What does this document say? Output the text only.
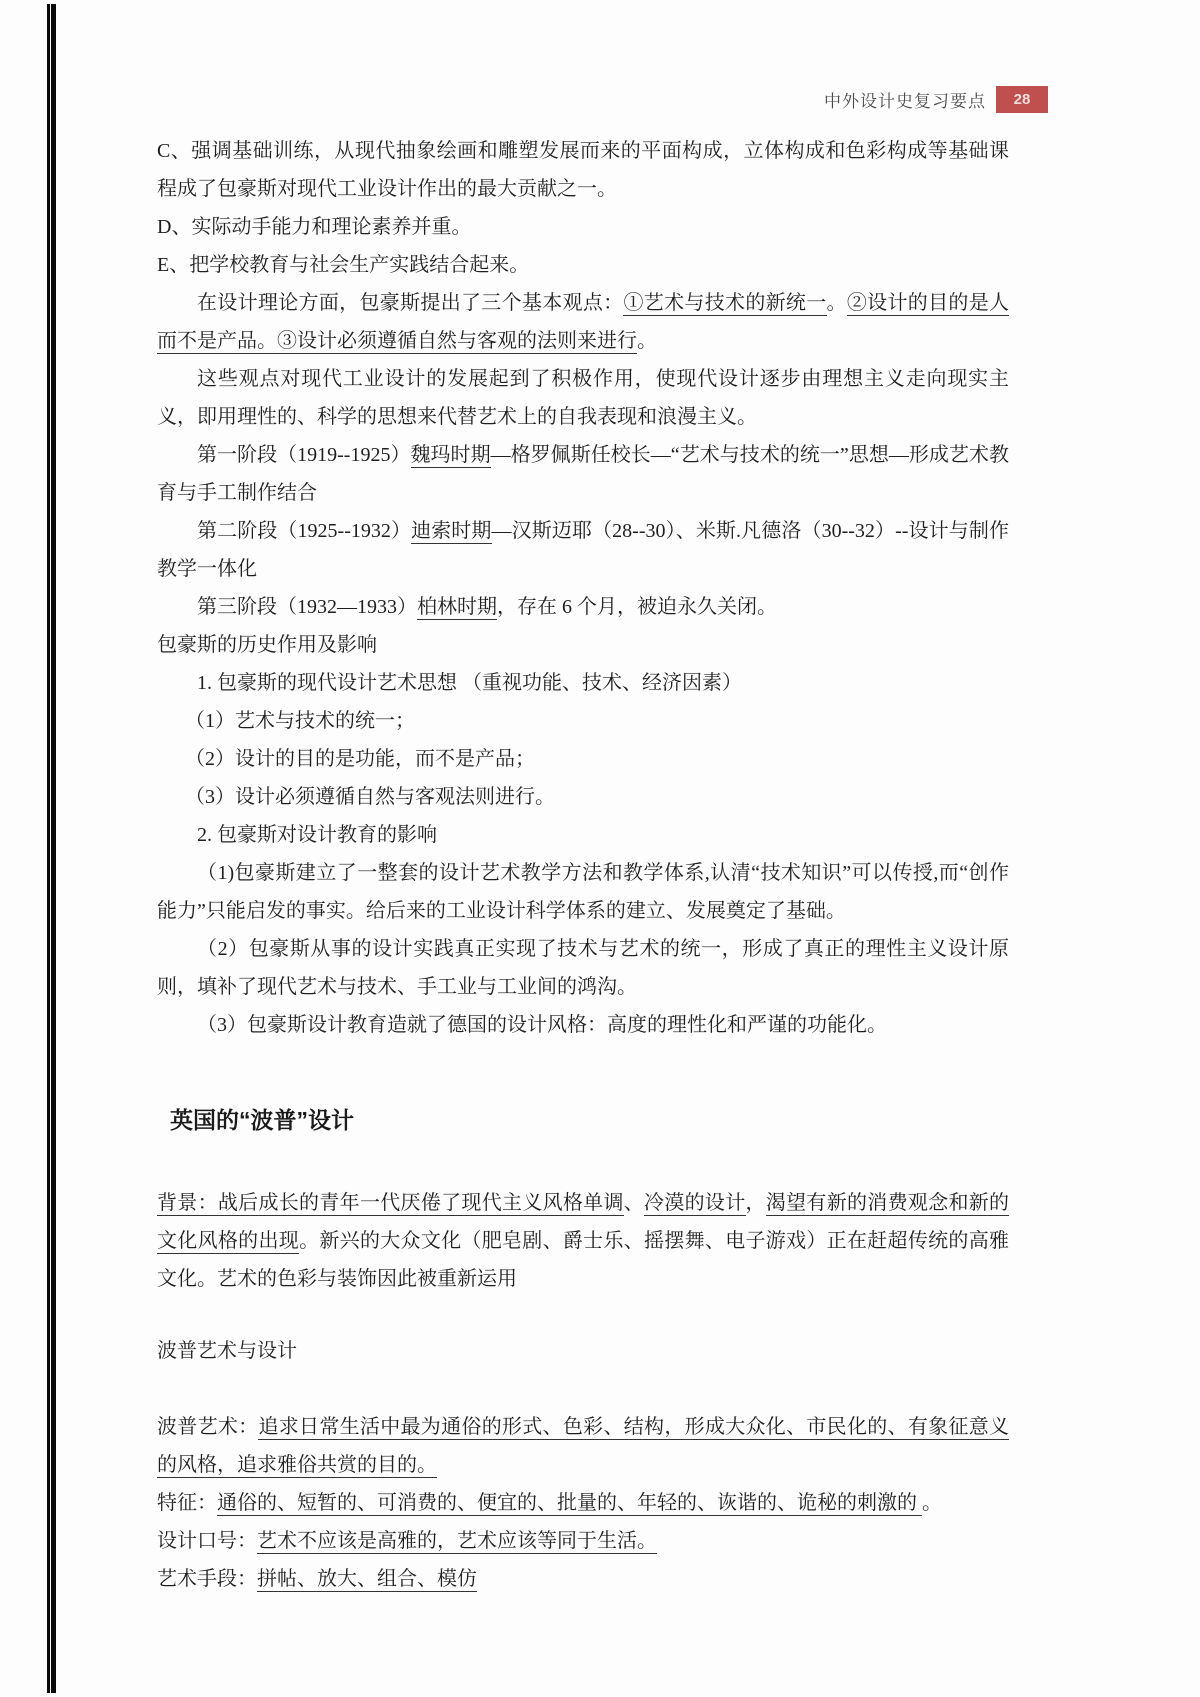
中外设计史复习要点	28

C、强调基础训练，从现代抽象绘画和雕塑发展而来的平面构成，立体构成和色彩构成等基础课程成了包豪斯对现代工业设计作出的最大贡献之一。

D、实际动手能力和理论素养并重。

E、把学校教育与社会生产实践结合起来。

在设计理论方面，包豪斯提出了三个基本观点：①艺术与技术的新统一。②设计的目的是人而不是产品。③设计必须遵循自然与客观的法则来进行。

这些观点对现代工业设计的发展起到了积极作用，使现代设计逐步由理想主义走向现实主义，即用理性的、科学的思想来代替艺术上的自我表现和浪漫主义。

第一阶段（1919--1925）魏玛时期—格罗佩斯任校长—“艺术与技术的统一”思想—形成艺术教育与手工制作结合

第二阶段（1925--1932）迪索时期—汉斯迈耶（28--30）、米斯.凡德洛（30--32）--设计与制作教学一体化

第三阶段（1932—1933）柏林时期，存在 6 个月，被迫永久关闭。

包豪斯的历史作用及影响

1. 包豪斯的现代设计艺术思想 （重视功能、技术、经济因素）

（1）艺术与技术的统一；

（2）设计的目的是功能，而不是产品；

（3）设计必须遵循自然与客观法则进行。

2. 包豪斯对设计教育的影响

（1)包豪斯建立了一整套的设计艺术教学方法和教学体系,认清“技术知识”可以传授,而“创作能力”只能启发的事实。给后来的工业设计科学体系的建立、发展奠定了基础。

（2）包豪斯从事的设计实践真正实现了技术与艺术的统一，形成了真正的理性主义设计原则，填补了现代艺术与技术、手工业与工业间的鸿沟。

（3）包豪斯设计教育造就了德国的设计风格：高度的理性化和严谨的功能化。

英国的“波普”设计

背景：战后成长的青年一代厌倦了现代主义风格单调、冷漠的设计，渴望有新的消费观念和新的文化风格的出现。新兴的大众文化（肥皂剧、爵士乐、摇摆舞、电子游戏）正在赶超传统的高雅文化。艺术的色彩与装饰因此被重新运用

波普艺术与设计

波普艺术：追求日常生活中最为通俗的形式、色彩、结构，形成大众化、市民化的、有象征意义的风格，追求雅俗共赏的目的。

特征：通俗的、短暂的、可消费的、便宜的、批量的、年轻的、诙谐的、诡秘的刺激的 。

设计口号：艺术不应该是高雅的，艺术应该等同于生活。

艺术手段：拼帖、放大、组合、模仿
